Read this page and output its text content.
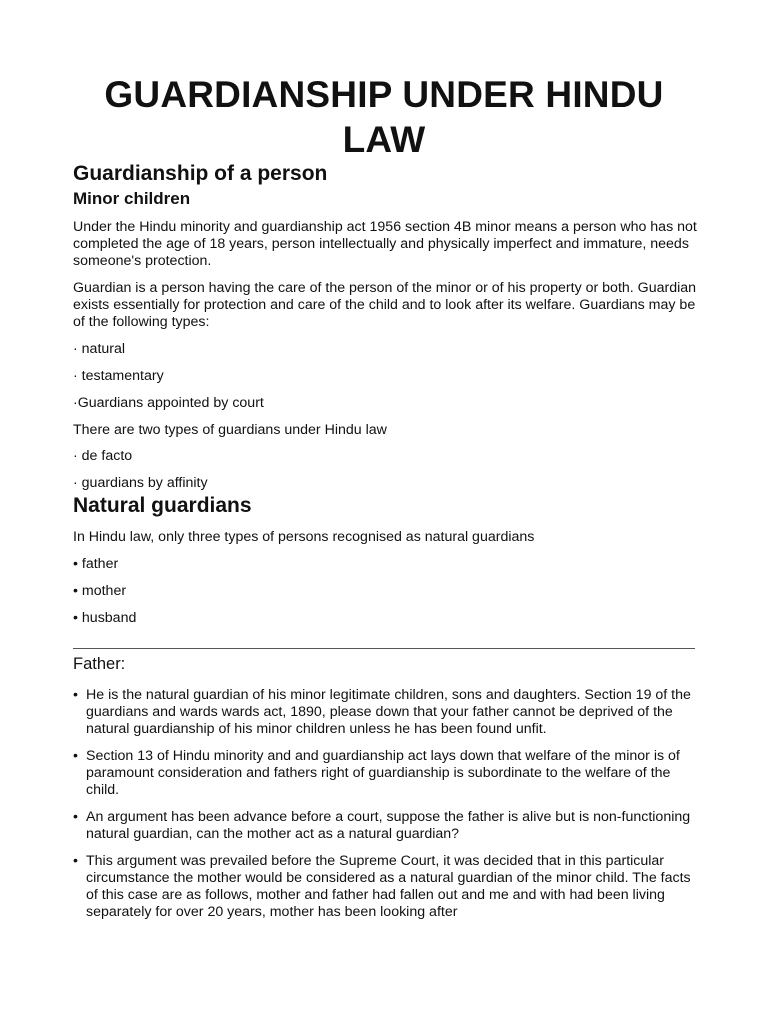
GUARDIANSHIP UNDER HINDU LAW
Guardianship of a person
Minor children

Under the Hindu minority and guardianship act 1956 section 4B minor means a person who has not completed the age of 18 years, person intellectually and physically imperfect and immature, needs someone's protection.

Guardian is a person having the care of the person of the minor or of his property or both. Guardian exists essentially for protection and care of the child and to look after its welfare. Guardians may be of the following types:

· natural

· testamentary

·Guardians appointed by court

There are two types of guardians under Hindu law

· de facto

· guardians by affinity

Natural guardians

In Hindu law, only three types of persons recognised as natural guardians

• father

• mother

• husband

Father:
• He is the natural guardian of his minor legitimate children, sons and daughters. Section 19 of the guardians and wards wards act, 1890, please down that your father cannot be deprived of the natural guardianship of his minor children unless he has been found unfit.
• Section 13 of Hindu minority and and guardianship act lays down that welfare of the minor is of paramount consideration and fathers right of guardianship is subordinate to the welfare of the child.
• An argument has been advance before a court, suppose the father is alive but is non-functioning natural guardian, can the mother act as a natural guardian?
• This argument was prevailed before the Supreme Court, it was decided that in this particular circumstance the mother would be considered as a natural guardian of the minor child. The facts of this case are as follows, mother and father had fallen out and me and with had been living separately for over 20 years, mother has been looking after
